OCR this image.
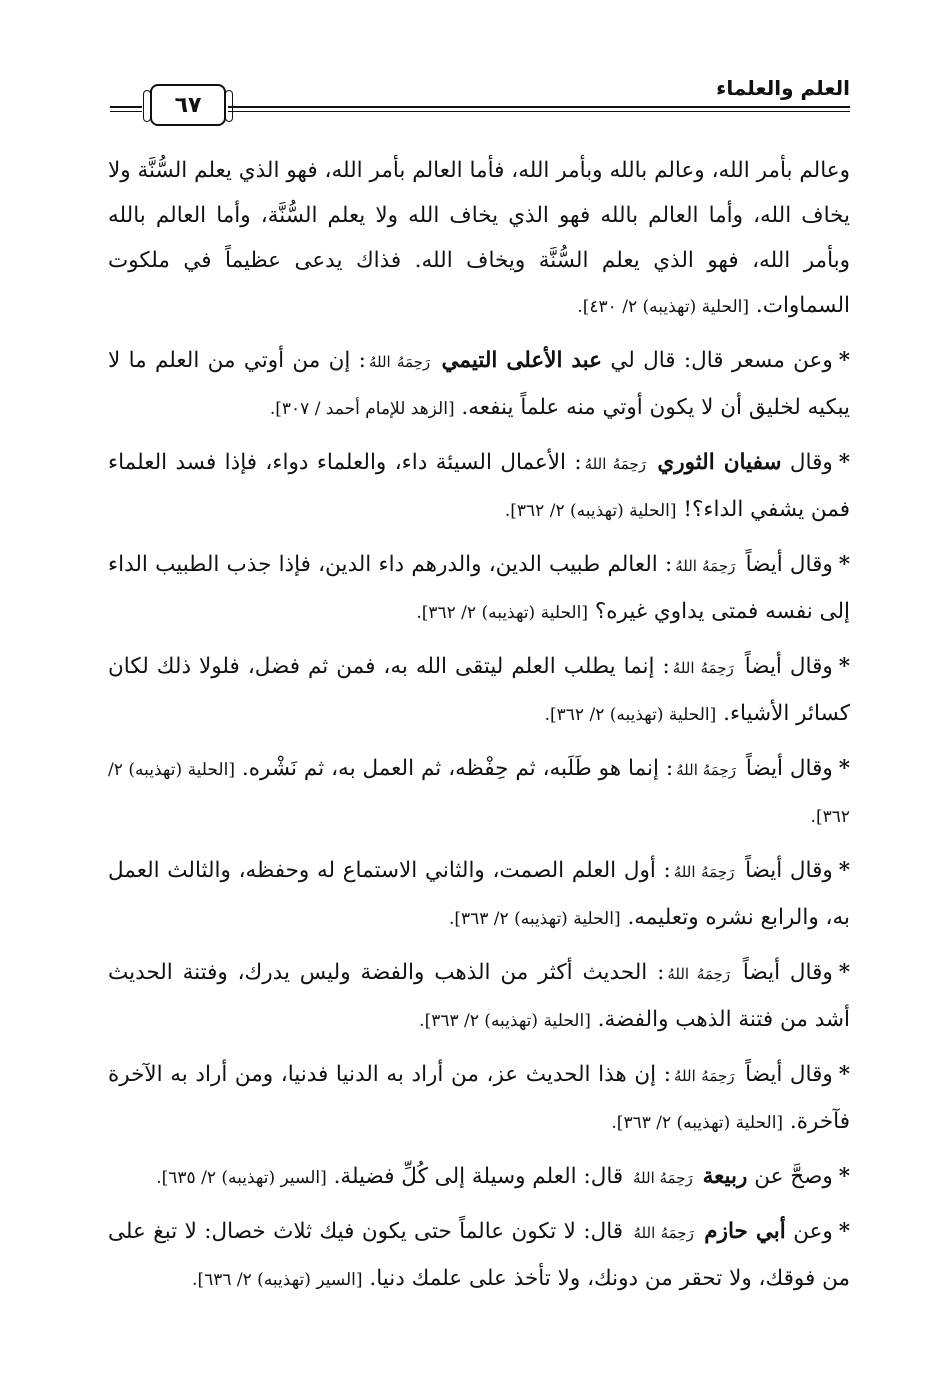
العلم والعلماء
٦٧

وعالم بأمر الله، وعالم بالله وبأمر الله، فأما العالم بأمر الله، فهو الذي يعلم السُّنَّة ولا يخاف الله، وأما العالم بالله فهو الذي يخاف الله ولا يعلم السُّنَّة، وأما العالم بالله وبأمر الله، فهو الذي يعلم السُّنَّة ويخاف الله. فذاك يدعى عظيماً في ملكوت السماوات. [الحلية (تهذيبه) ٢/ ٤٣٠].

*وعن مسعر قال: قال لي عبد الأعلى التيمي رَحِمَهُ اللهُ: إن من أوتي من العلم ما لا يبكيه لخليق أن لا يكون أوتي منه علماً ينفعه. [الزهد للإمام أحمد / ٣٠٧].

*وقال سفيان الثوري رَحِمَهُ اللهُ: الأعمال السيئة داء، والعلماء دواء، فإذا فسد العلماء فمن يشفي الداء؟! [الحلية (تهذيبه) ٢/ ٣٦٢].

*وقال أيضاً رَحِمَهُ اللهُ: العالم طبيب الدين، والدرهم داء الدين، فإذا جذب الطبيب الداء إلى نفسه فمتى يداوي غيره؟ [الحلية (تهذيبه) ٢/ ٣٦٢].

*وقال أيضاً رَحِمَهُ اللهُ: إنما يطلب العلم ليتقى الله به، فمن ثم فضل، فلولا ذلك لكان كسائر الأشياء. [الحلية (تهذيبه) ٢/ ٣٦٢].

*وقال أيضاً رَحِمَهُ اللهُ: إنما هو طَلَبه، ثم حِفْظه، ثم العمل به، ثم نَشْره. [الحلية (تهذيبه) ٢/ ٣٦٢].

*وقال أيضاً رَحِمَهُ اللهُ: أول العلم الصمت، والثاني الاستماع له وحفظه، والثالث العمل به، والرابع نشره وتعليمه. [الحلية (تهذيبه) ٢/ ٣٦٣].

*وقال أيضاً رَحِمَهُ اللهُ: الحديث أكثر من الذهب والفضة وليس يدرك، وفتنة الحديث أشد من فتنة الذهب والفضة. [الحلية (تهذيبه) ٢/ ٣٦٣].

*وقال أيضاً رَحِمَهُ اللهُ: إن هذا الحديث عز، من أراد به الدنيا فدنيا، ومن أراد به الآخرة فآخرة. [الحلية (تهذيبه) ٢/ ٣٦٣].

*وصحَّ عن ربيعة رَحِمَهُ اللهُ قال: العلم وسيلة إلى كُلِّ فضيلة. [السير (تهذيبه) ٢/ ٦٣٥].

*وعن أبي حازم رَحِمَهُ اللهُ قال: لا تكون عالماً حتى يكون فيك ثلاث خصال: لا تبغ على من فوقك، ولا تحقر من دونك، ولا تأخذ على علمك دنيا. [السير (تهذيبه) ٢/ ٦٣٦].
